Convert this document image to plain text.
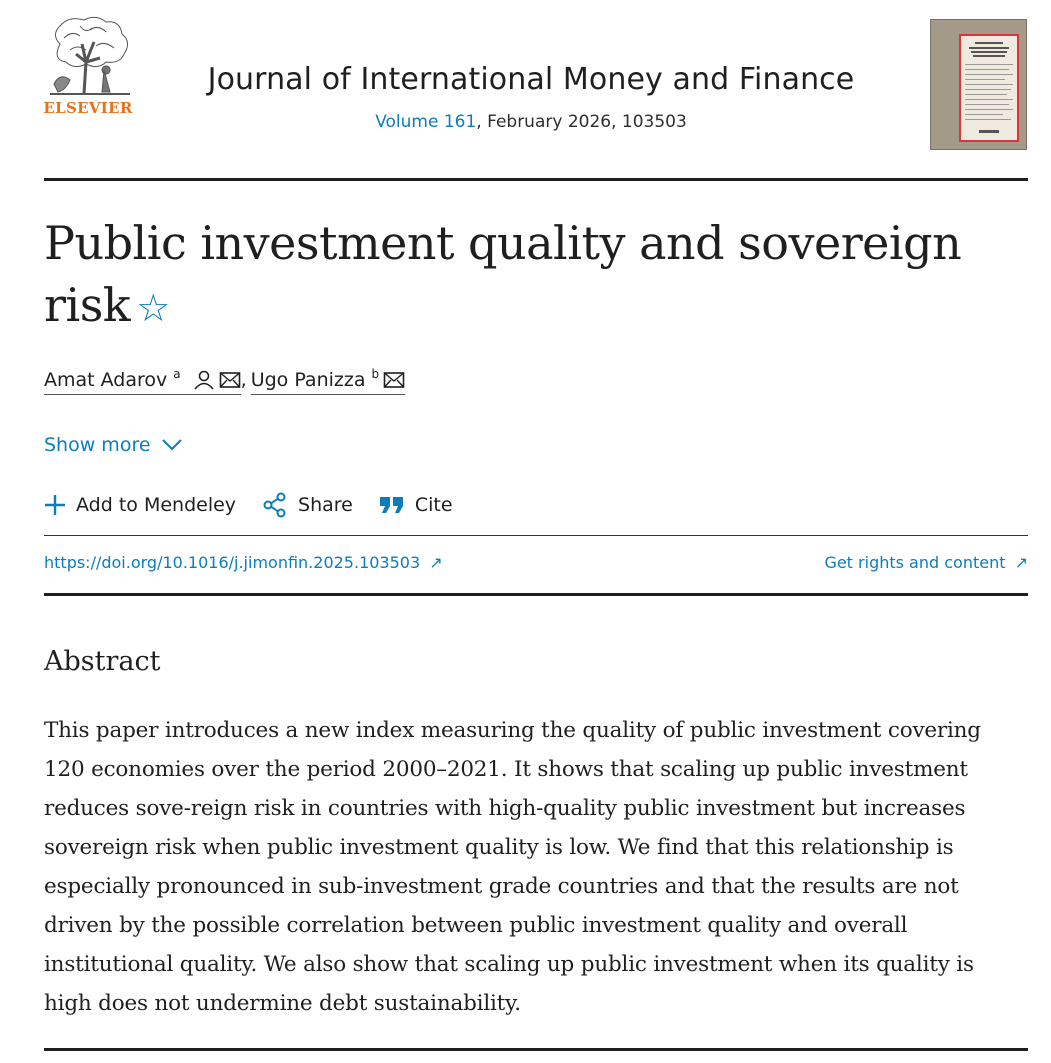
ELSEVIER
Journal of International Money and Finance
Volume 161, February 2026, 103503
Public investment quality and sovereign risk ☆
Amat Adarov $^a$	, Ugo Panizza $^b$
Show more
Add to Mendeley	Share	Cite
https://doi.org/10.1016/j.jimonfin.2025.103503 ↗	Get rights and content ↗
Abstract
This paper introduces a new index measuring the quality of public investment covering 120 economies over the period 2000–2021. It shows that scaling up public investment reduces sove-reign risk in countries with high-quality public investment but increases sovereign risk when public investment quality is low. We find that this relationship is especially pronounced in sub-investment grade countries and that the results are not driven by the possible correlation between public investment quality and overall institutional quality. We also show that scaling up public investment when its quality is high does not undermine debt sustainability.
